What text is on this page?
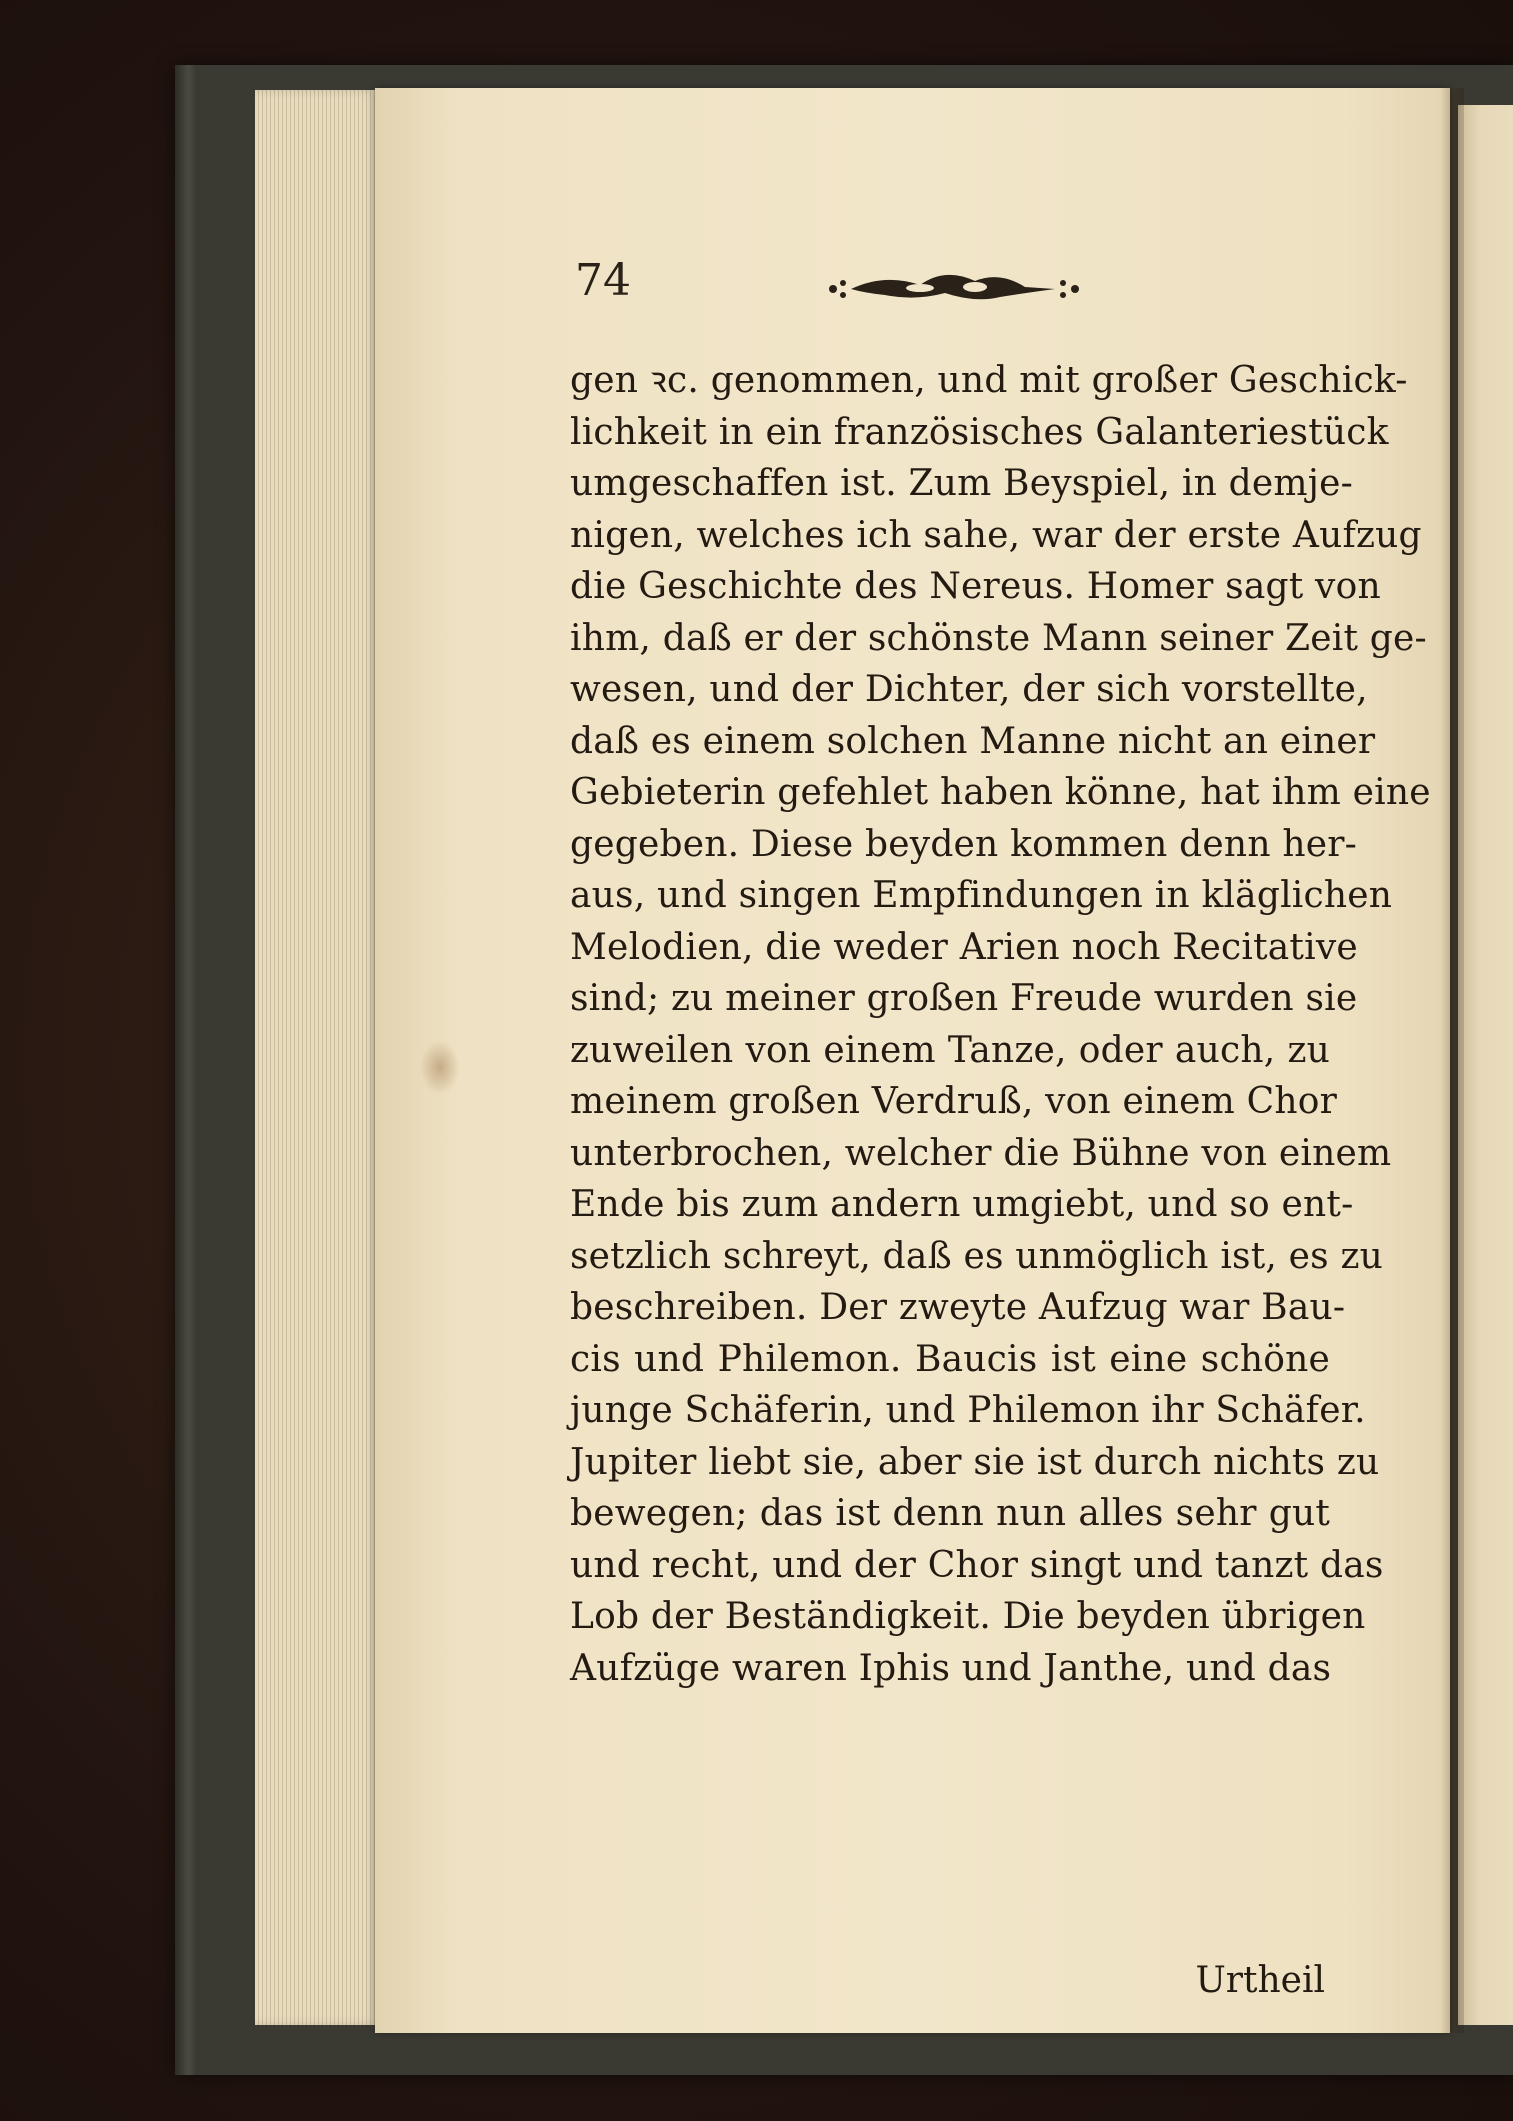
74
gen ꝛc. genommen, und mit großer Geschick-
lichkeit in ein französisches Galanteriestück
umgeschaffen ist. Zum Beyspiel, in demje-
nigen, welches ich sahe, war der erste Aufzug
die Geschichte des Nereus. Homer sagt von
ihm, daß er der schönste Mann seiner Zeit ge-
wesen, und der Dichter, der sich vorstellte,
daß es einem solchen Manne nicht an einer
Gebieterin gefehlet haben könne, hat ihm eine
gegeben. Diese beyden kommen denn her-
aus, und singen Empfindungen in kläglichen
Melodien, die weder Arien noch Recitative
sind; zu meiner großen Freude wurden sie
zuweilen von einem Tanze, oder auch, zu
meinem großen Verdruß, von einem Chor
unterbrochen, welcher die Bühne von einem
Ende bis zum andern umgiebt, und so ent-
setzlich schreyt, daß es unmöglich ist, es zu
beschreiben. Der zweyte Aufzug war Bau-
cis und Philemon. Baucis ist eine schöne
junge Schäferin, und Philemon ihr Schäfer.
Jupiter liebt sie, aber sie ist durch nichts zu
bewegen; das ist denn nun alles sehr gut
und recht, und der Chor singt und tanzt das
Lob der Beständigkeit. Die beyden übrigen
Aufzüge waren Iphis und Janthe, und das
Urtheil
